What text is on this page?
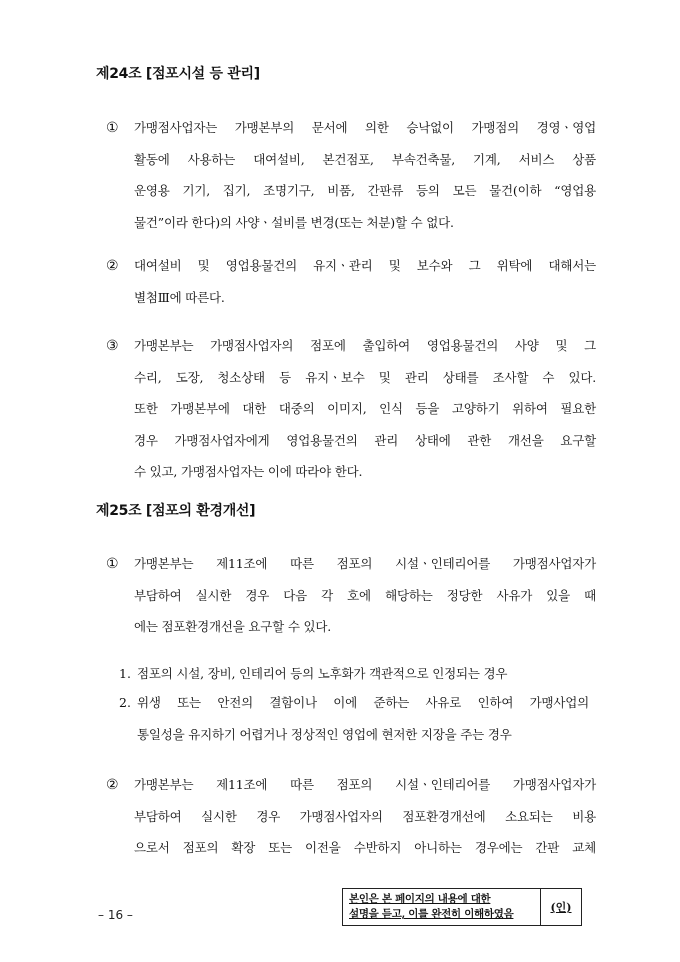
제24조 [점포시설 등 관리]
① 가맹점사업자는 가맹본부의 문서에 의한 승낙없이 가맹점의 경영ㆍ영업
활동에 사용하는 대여설비, 본건점포, 부속건축물, 기계, 서비스 상품
운영용 기기, 집기, 조명기구, 비품, 간판류 등의 모든 물건(이하 “영업용
물건”이라 한다)의 사양ㆍ설비를 변경(또는 처분)할 수 없다.
② 대여설비 및 영업용물건의 유지ㆍ관리 및 보수와 그 위탁에 대해서는
별첨Ⅲ에 따른다.
③ 가맹본부는 가맹점사업자의 점포에 출입하여 영업용물건의 사양 및 그
수리, 도장, 청소상태 등 유지ㆍ보수 및 관리 상태를 조사할 수 있다.
또한 가맹본부에 대한 대중의 이미지, 인식 등을 고양하기 위하여 필요한
경우 가맹점사업자에게 영업용물건의 관리 상태에 관한 개선을 요구할
수 있고, 가맹점사업자는 이에 따라야 한다.
제25조 [점포의 환경개선]
① 가맹본부는 제11조에 따른 점포의 시설ㆍ인테리어를 가맹점사업자가
부담하여 실시한 경우 다음 각 호에 해당하는 정당한 사유가 있을 때
에는 점포환경개선을 요구할 수 있다.
1. 점포의 시설, 장비, 인테리어 등의 노후화가 객관적으로 인정되는 경우
2. 위생 또는 안전의 결함이나 이에 준하는 사유로 인하여 가맹사업의
통일성을 유지하기 어렵거나 정상적인 영업에 현저한 지장을 주는 경우
② 가맹본부는 제11조에 따른 점포의 시설ㆍ인테리어를 가맹점사업자가
부담하여 실시한 경우 가맹점사업자의 점포환경개선에 소요되는 비용
으로서 점포의 확장 또는 이전을 수반하지 아니하는 경우에는 간판 교체
– 16 –
본인은 본 페이지의 내용에 대한
설명을 듣고, 이를 완전히 이해하였음	(인)
